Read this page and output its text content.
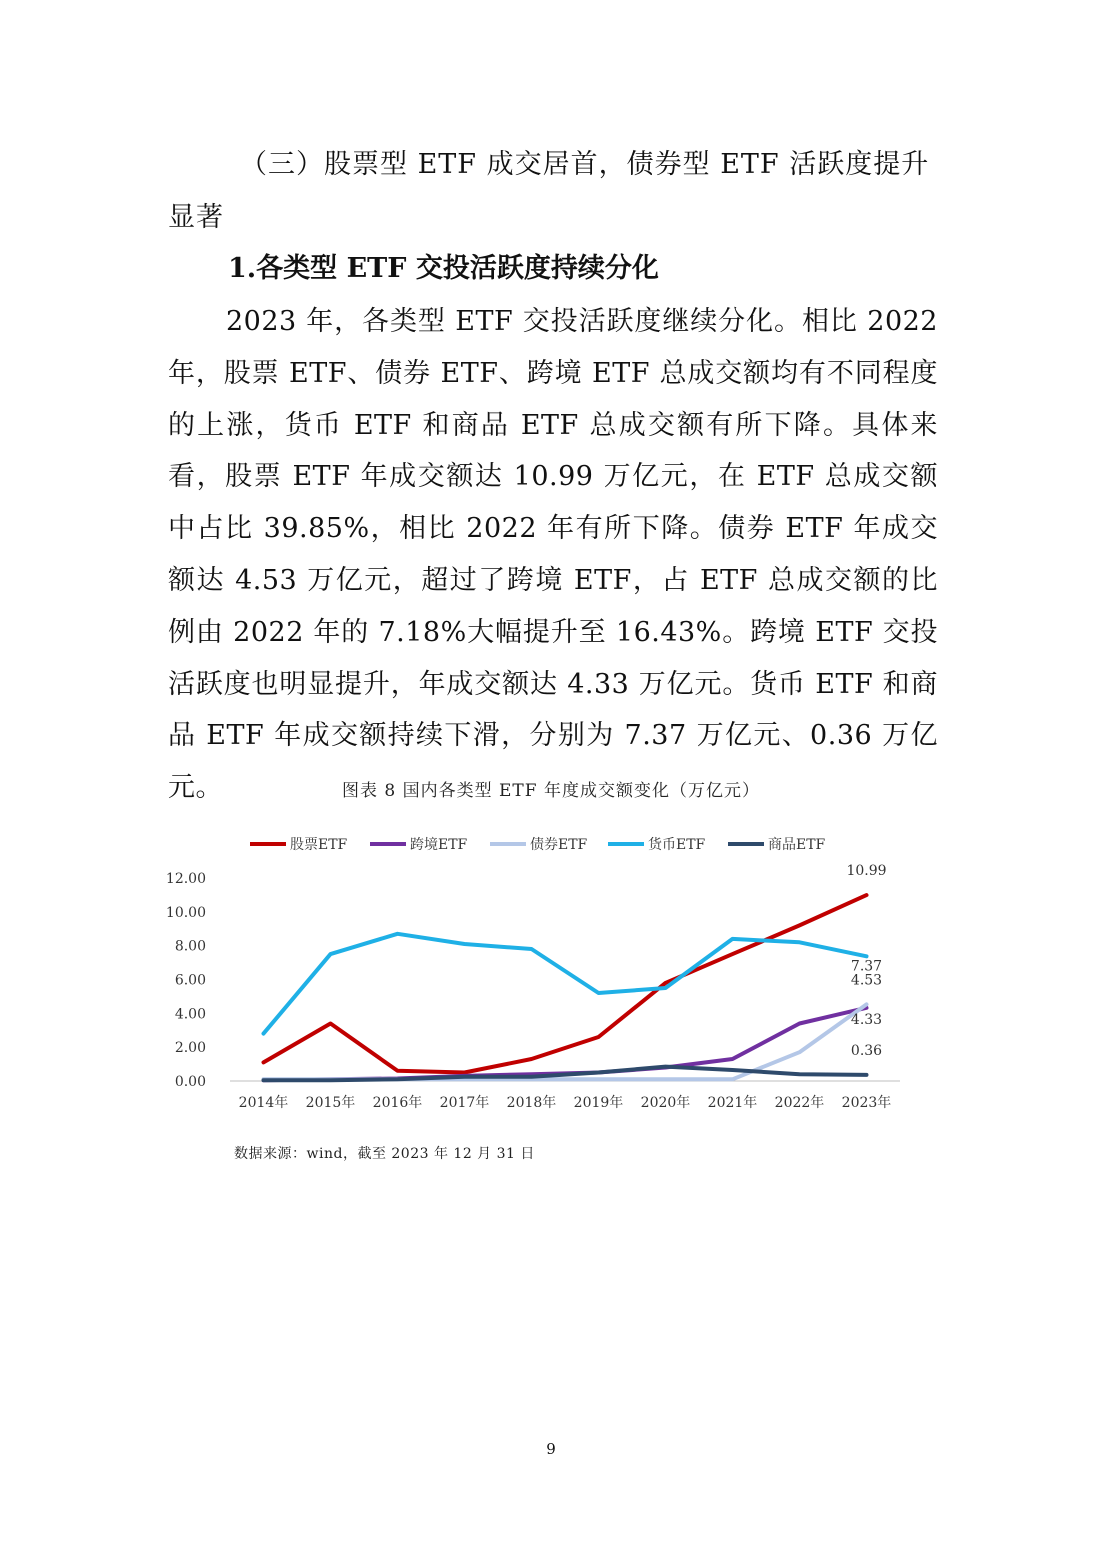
（三）股票型 ETF 成交居首，债券型 ETF 活跃度提升显著
1.各类型 ETF 交投活跃度持续分化

2023 年，各类型 ETF 交投活跃度继续分化。相比 2022 年，股票 ETF、债券 ETF、跨境 ETF 总成交额均有不同程度的上涨，货币 ETF 和商品 ETF 总成交额有所下降。具体来看，股票 ETF 年成交额达 10.99 万亿元，在 ETF 总成交额中占比 39.85%，相比 2022 年有所下降。债券 ETF 年成交额达 4.53 万亿元，超过了跨境 ETF，占 ETF 总成交额的比例由 2022 年的 7.18%大幅提升至 16.43%。跨境 ETF 交投活跃度也明显提升，年成交额达 4.33 万亿元。货币 ETF 和商品 ETF 年成交额持续下滑，分别为 7.37 万亿元、0.36 万亿元。	图表 8 国内各类型 ETF 年度成交额变化（万亿元）
股票ETF	跨境ETF	债券ETF	货币ETF	商品ETF
0.00
2.00
4.00
6.00
8.00
10.00
12.00
2014年 2015年 2016年 2017年 2018年 2019年 2020年 2021年 2022年 2023年
10.99
7.37
4.53
4.33
0.36
数据来源：wind，截至 2023 年 12 月 31 日
9
